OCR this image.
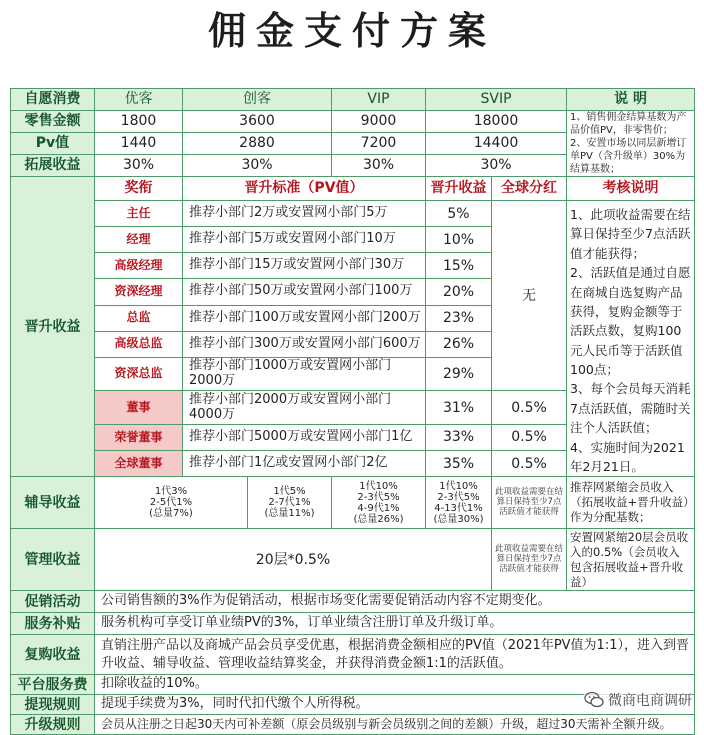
佣金支付方案
自愿消费	优客	创客		VIP	SVIP		说 明
零售金额	1800	3600		9000	18000		1、销售佣金结算基数为产品价值PV，非零售价；
2、安置市场以同层新增订单PV（含升级单）30%为结算基数；
Pv值	1440	2880		7200	14400		
拓展收益	30%	30%		30%	30%		
晋升收益	奖衔	晋升标准（PV值）			晋升收益	全球分红	考核说明
	主任	推荐小部门2万或安置网小部门5万			5%	无	1、此项收益需要在结算日保持至少7点活跃值才能获得；
2、活跃值是通过自愿在商城自选复购产品获得，复购金额等于活跃点数，复购100元人民币等于活跃值100点；
3、每个会员每天消耗7点活跃值，需随时关注个人活跃值；
4、实施时间为2021年2月21日。
	经理	推荐小部门5万或安置网小部门10万			10%		
	高级经理	推荐小部门15万或安置网小部门30万			15%		
	资深经理	推荐小部门50万或安置网小部门100万			20%		
	总监	推荐小部门100万或安置网小部门200万			23%		
	高级总监	推荐小部门300万或安置网小部门600万			26%		
	资深总监	推荐小部门1000万或安置网小部门2000万			29%		
	董事	推荐小部门2000万或安置网小部门4000万			31%	0.5%	
	荣誉董事	推荐小部门5000万或安置网小部门1亿			33%	0.5%	
	全球董事	推荐小部门1亿或安置网小部门2亿			35%	0.5%	
辅导收益	1代3%
2-5代1%
(总量7%)		1代5%
2-7代1%
(总量11%)	1代10%
2-3代5%
4-9代1%
(总量26%)	1代10%
2-3代5%
4-13代1%
(总量30%)	此项收益需要在结算日保持至少7点活跃值才能获得	推荐网紧缩会员收入（拓展收益+晋升收益）作为分配基数；
管理收益	20层*0.5%					此项收益需要在结算日保持至少7点活跃值才能获得	安置网紧缩20层会员收入的0.5%（会员收入包含拓展收益+晋升收益）
促销活动	公司销售额的3%作为促销活动，根据市场变化需要促销活动内容不定期变化。						
服务补贴	服务机构可享受订单业绩PV的3%，订单业绩含注册订单及升级订单。						
复购收益	直销注册产品以及商城产品会员享受优惠，根据消费金额相应的PV值（2021年PV值为1:1），进入到晋升收益、辅导收益、管理收益结算奖金，并获得消费金额1:1的活跃值。						
平台服务费	扣除收益的10%。						
提现规则	提现手续费为3%，同时代扣代缴个人所得税。						
升级规则	会员从注册之日起30天内可补差额（原会员级别与新会员级别之间的差额）升级，超过30天需补全额升级。						
微商电商调研
